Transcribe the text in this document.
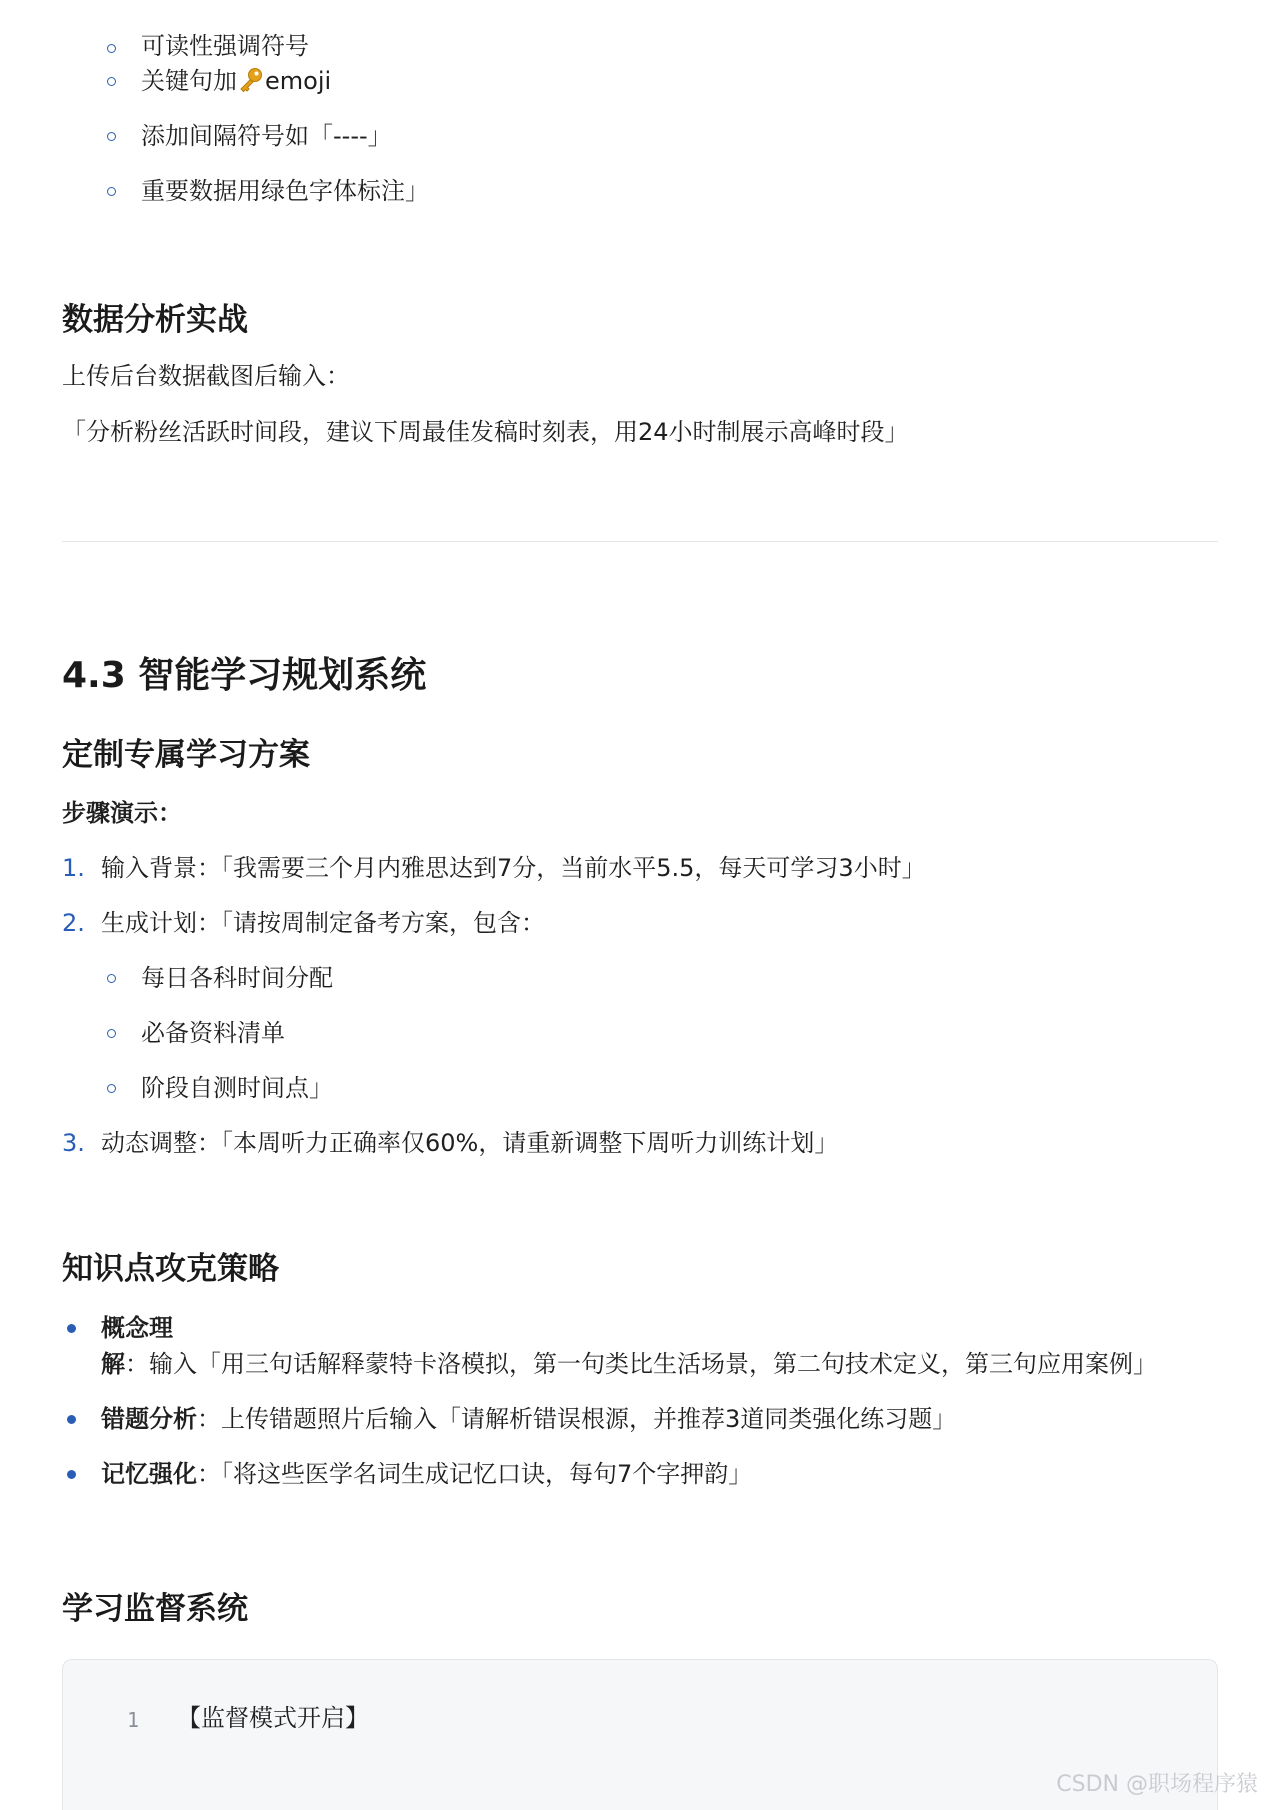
可读性强调符号
关键句加 emoji
添加间隔符号如「----」
重要数据用绿色字体标注」
数据分析实战
上传后台数据截图后输入：
「分析粉丝活跃时间段，建议下周最佳发稿时刻表，用24小时制展示高峰时段」
4.3 智能学习规划系统
定制专属学习方案
步骤演示：
1. 输入背景：「我需要三个月内雅思达到7分，当前水平5.5，每天可学习3小时」
2. 生成计划：「请按周制定备考方案，包含：
每日各科时间分配
必备资料清单
阶段自测时间点」
3. 动态调整：「本周听力正确率仅60%，请重新调整下周听力训练计划」
知识点攻克策略
概念理解：输入「用三句话解释蒙特卡洛模拟，第一句类比生活场景，第二句技术定义，第三句应用案例」
错题分析：上传错题照片后输入「请解析错误根源，并推荐3道同类强化练习题」
记忆强化：「将这些医学名词生成记忆口诀，每句7个字押韵」
学习监督系统
1 【监督模式开启】
CSDN @职场程序猿
